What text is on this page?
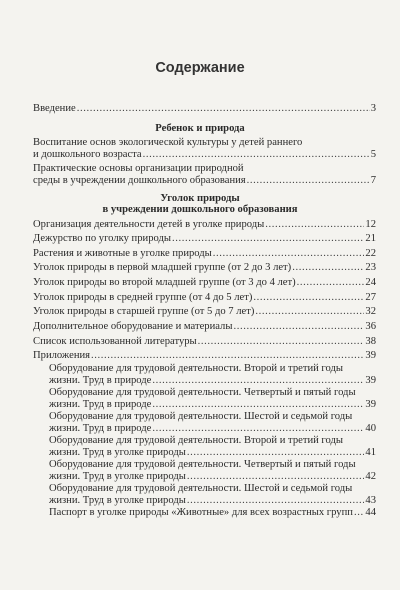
Содержание
Введение .....	3
Ребенок и природа
Воспитание основ экологической культуры у детей раннего
и дошкольного возраста .....	5
Практические основы организации природной
среды в учреждении дошкольного образования .....	7
Уголок природы
в учреждении дошкольного образования
Организация деятельности детей в уголке природы .....	12
Дежурство по уголку природы .....	21
Растения и животные в уголке природы .....	22
Уголок природы в первой младшей группе (от 2 до 3 лет) .....	23
Уголок природы во второй младшей группе (от 3 до 4 лет) .....	24
Уголок природы в средней группе (от 4 до 5 лет) .....	27
Уголок природы в старшей группе (от 5 до 7 лет) .....	32
Дополнительное оборудование и материалы .....	36
Список использованной литературы .....	38
Приложения .....	39
Оборудование для трудовой деятельности. Второй и третий годы
жизни. Труд в природе .....	39
Оборудование для трудовой деятельности. Четвертый и пятый годы
жизни. Труд в природе .....	39
Оборудование для трудовой деятельности. Шестой и седьмой годы
жизни. Труд в природе .....	40
Оборудование для трудовой деятельности. Второй и третий годы
жизни. Труд в уголке природы .....	41
Оборудование для трудовой деятельности. Четвертый и пятый годы
жизни. Труд в уголке природы .....	42
Оборудование для трудовой деятельности. Шестой и седьмой годы
жизни. Труд в уголке природы .....	43
Паспорт в уголке природы «Животные» для всех возрастных групп ..... 44
